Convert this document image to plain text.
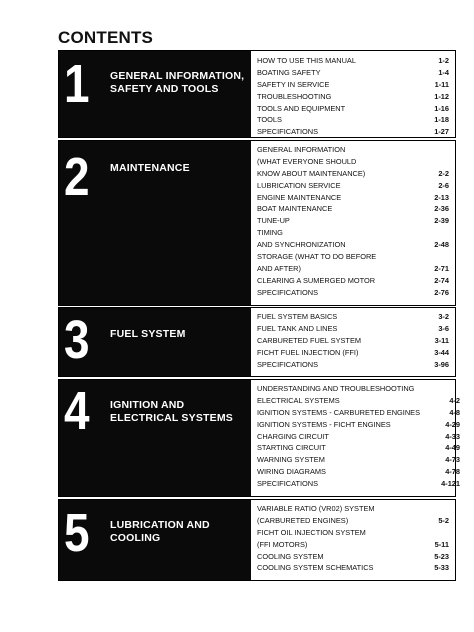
CONTENTS
1 GENERAL INFORMATION,
SAFETY AND TOOLS
HOW TO USE THIS MANUAL	1-2
BOATING SAFETY	1-4
SAFETY IN SERVICE	1-11
TROUBLESHOOTING	1-12
TOOLS AND EQUIPMENT	1-16
TOOLS	1-18
SPECIFICATIONS	1-27
2 MAINTENANCE
GENERAL INFORMATION
(WHAT EVERYONE SHOULD
KNOW ABOUT MAINTENANCE)	2-2
LUBRICATION SERVICE	2-6
ENGINE MAINTENANCE	2-13
BOAT MAINTENANCE	2-36
TUNE-UP	2-39
TIMING
AND SYNCHRONIZATION	2-48
STORAGE (WHAT TO DO BEFORE
AND AFTER)	2-71
CLEARING A SUMERGED MOTOR	2-74
SPECIFICATIONS	2-76
3 FUEL SYSTEM
FUEL SYSTEM BASICS	3-2
FUEL TANK AND LINES	3-6
CARBURETED FUEL SYSTEM	3-11
FICHT FUEL INJECTION (FFI)	3-44
SPECIFICATIONS	3-96
4 IGNITION AND
ELECTRICAL SYSTEMS
UNDERSTANDING AND TROUBLESHOOTING
ELECTRICAL SYSTEMS	4-2
IGNITION SYSTEMS - CARBURETED ENGINES	4-8
IGNITION SYSTEMS - FICHT ENGINES	4-29
CHARGING CIRCUIT	4-33
STARTING CIRCUIT	4-49
WARNING SYSTEM	4-73
WIRING DIAGRAMS	4-78
SPECIFICATIONS	4-121
5 LUBRICATION AND
COOLING
VARIABLE RATIO (VR02) SYSTEM
(CARBURETED ENGINES)	5-2
FICHT OIL INJECTION SYSTEM
(FFI MOTORS)	5-11
COOLING SYSTEM	5-23
COOLING SYSTEM SCHEMATICS	5-33
